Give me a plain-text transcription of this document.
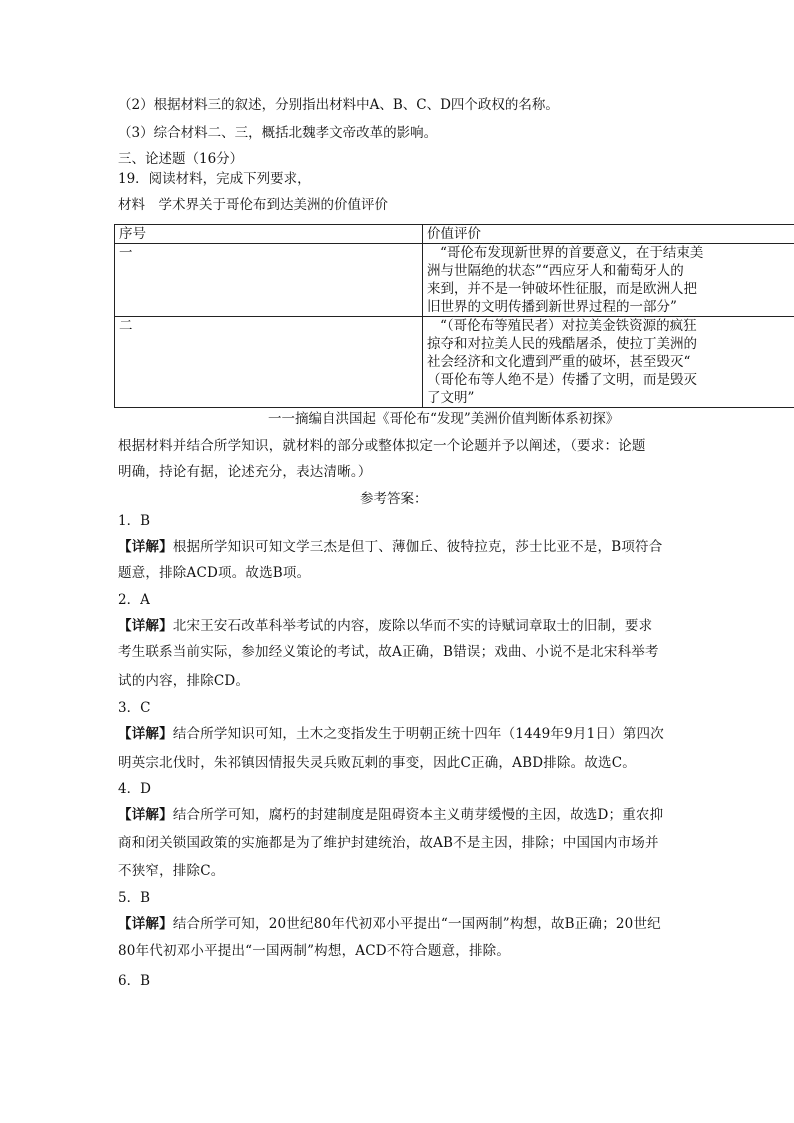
（2）根据材料三的叙述，分别指出材料中A、B、C、D四个政权的名称。
（3）综合材料二、三，概括北魏孝文帝改革的影响。
三、论述题（16分）
19．阅读材料，完成下列要求，
材料　学术界关于哥伦布到达美洲的价值评价
序号	价值评价
一	“哥伦布发现新世界的首要意义，在于结束美
洲与世隔绝的状态”“西应牙人和葡萄牙人的
来到，并不是一钟破坏性征服，而是欧洲人把
旧世界的文明传播到新世界过程的一部分”

二	“（哥伦布等殖民者）对拉美金铁资源的疯狂
掠夺和对拉美人民的残酷屠杀，使拉丁美洲的
社会经济和文化遭到严重的破坏，甚至毁灭“
（哥伦布等人绝不是）传播了文明，而是毁灭
了文明”
一一摘编自洪国起《哥伦布“发现”美洲价值判断体系初探》
根据材料并结合所学知识，就材料的部分或整体拟定一个论题并予以阐述，（要求：论题
明确，持论有据，论述充分，表达清晰。）
参考答案：
1．B
【详解】根据所学知识可知文学三杰是但丁、薄伽丘、彼特拉克，莎士比亚不是，B项符合
题意，排除ACD项。故选B项。
2．A
【详解】北宋王安石改革科举考试的内容，废除以华而不实的诗赋词章取士的旧制，要求
考生联系当前实际，参加经义策论的考试，故A正确，B错误；戏曲、小说不是北宋科举考
试的内容，排除CD。
3．C
【详解】结合所学知识可知，土木之变指发生于明朝正统十四年（1449年9月1日）第四次
明英宗北伐时，朱祁镇因情报失灵兵败瓦剌的事变，因此C正确，ABD排除。故选C。
4．D
【详解】结合所学可知，腐朽的封建制度是阻碍资本主义萌芽缓慢的主因，故选D；重农抑
商和闭关锁国政策的实施都是为了维护封建统治，故AB不是主因，排除；中国国内市场并
不狭窄，排除C。
5．B
【详解】结合所学可知，20世纪80年代初邓小平提出“一国两制”构想，故B正确；20世纪
80年代初邓小平提出“一国两制”构想，ACD不符合题意，排除。
6．B
